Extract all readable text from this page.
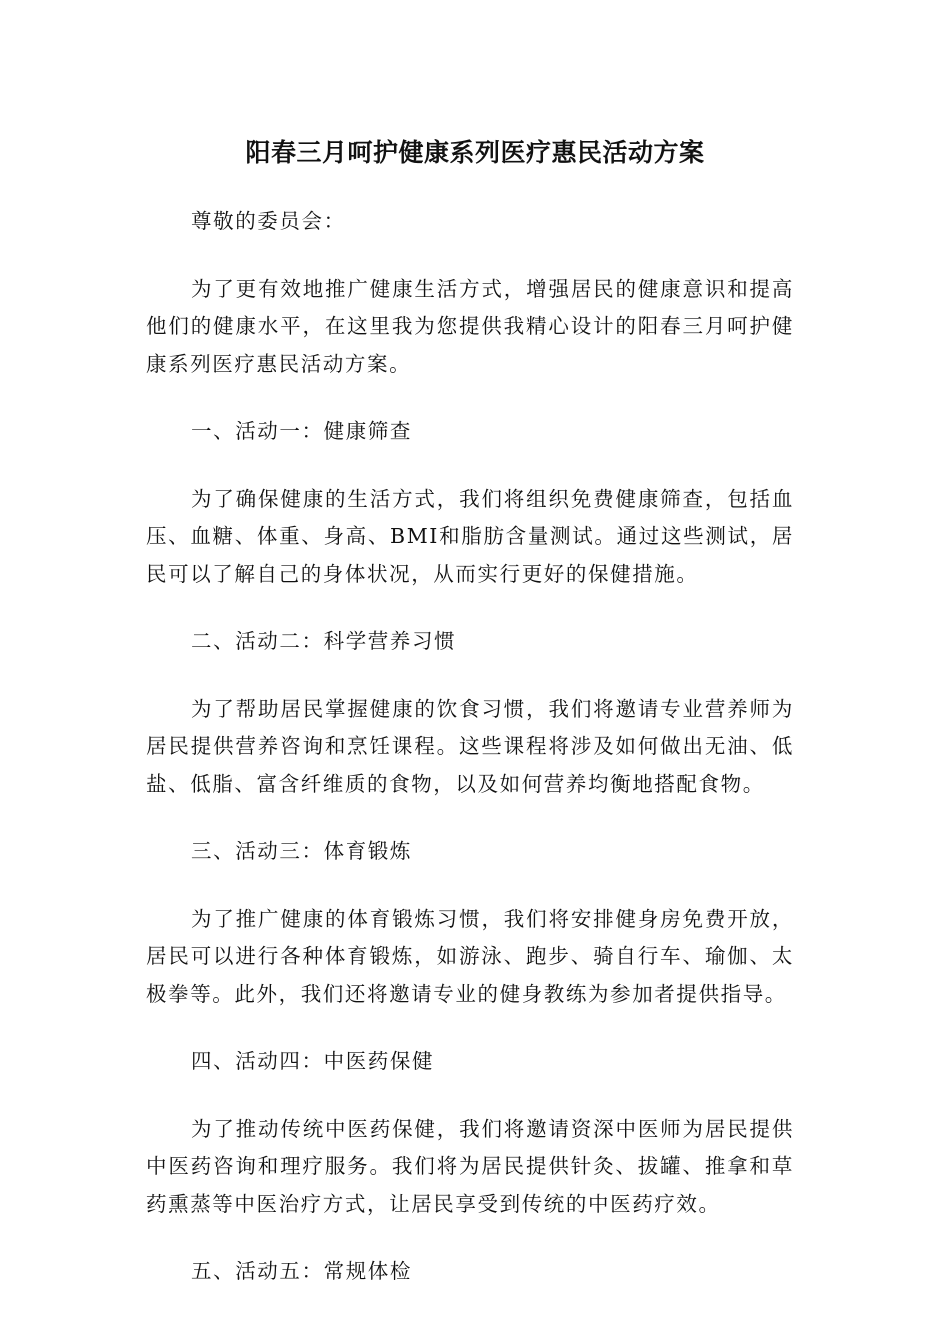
阳春三月呵护健康系列医疗惠民活动方案

尊敬的委员会：

为了更有效地推广健康生活方式，增强居民的健康意识和提高他们的健康水平，在这里我为您提供我精心设计的阳春三月呵护健康系列医疗惠民活动方案。

一、活动一：健康筛查

为了确保健康的生活方式，我们将组织免费健康筛查，包括血压、血糖、体重、身高、BMI和脂肪含量测试。通过这些测试，居民可以了解自己的身体状况，从而实行更好的保健措施。

二、活动二：科学营养习惯

为了帮助居民掌握健康的饮食习惯，我们将邀请专业营养师为居民提供营养咨询和烹饪课程。这些课程将涉及如何做出无油、低盐、低脂、富含纤维质的食物，以及如何营养均衡地搭配食物。

三、活动三：体育锻炼

为了推广健康的体育锻炼习惯，我们将安排健身房免费开放，居民可以进行各种体育锻炼，如游泳、跑步、骑自行车、瑜伽、太极拳等。此外，我们还将邀请专业的健身教练为参加者提供指导。

四、活动四：中医药保健

为了推动传统中医药保健，我们将邀请资深中医师为居民提供中医药咨询和理疗服务。我们将为居民提供针灸、拔罐、推拿和草药熏蒸等中医治疗方式，让居民享受到传统的中医药疗效。

五、活动五：常规体检
